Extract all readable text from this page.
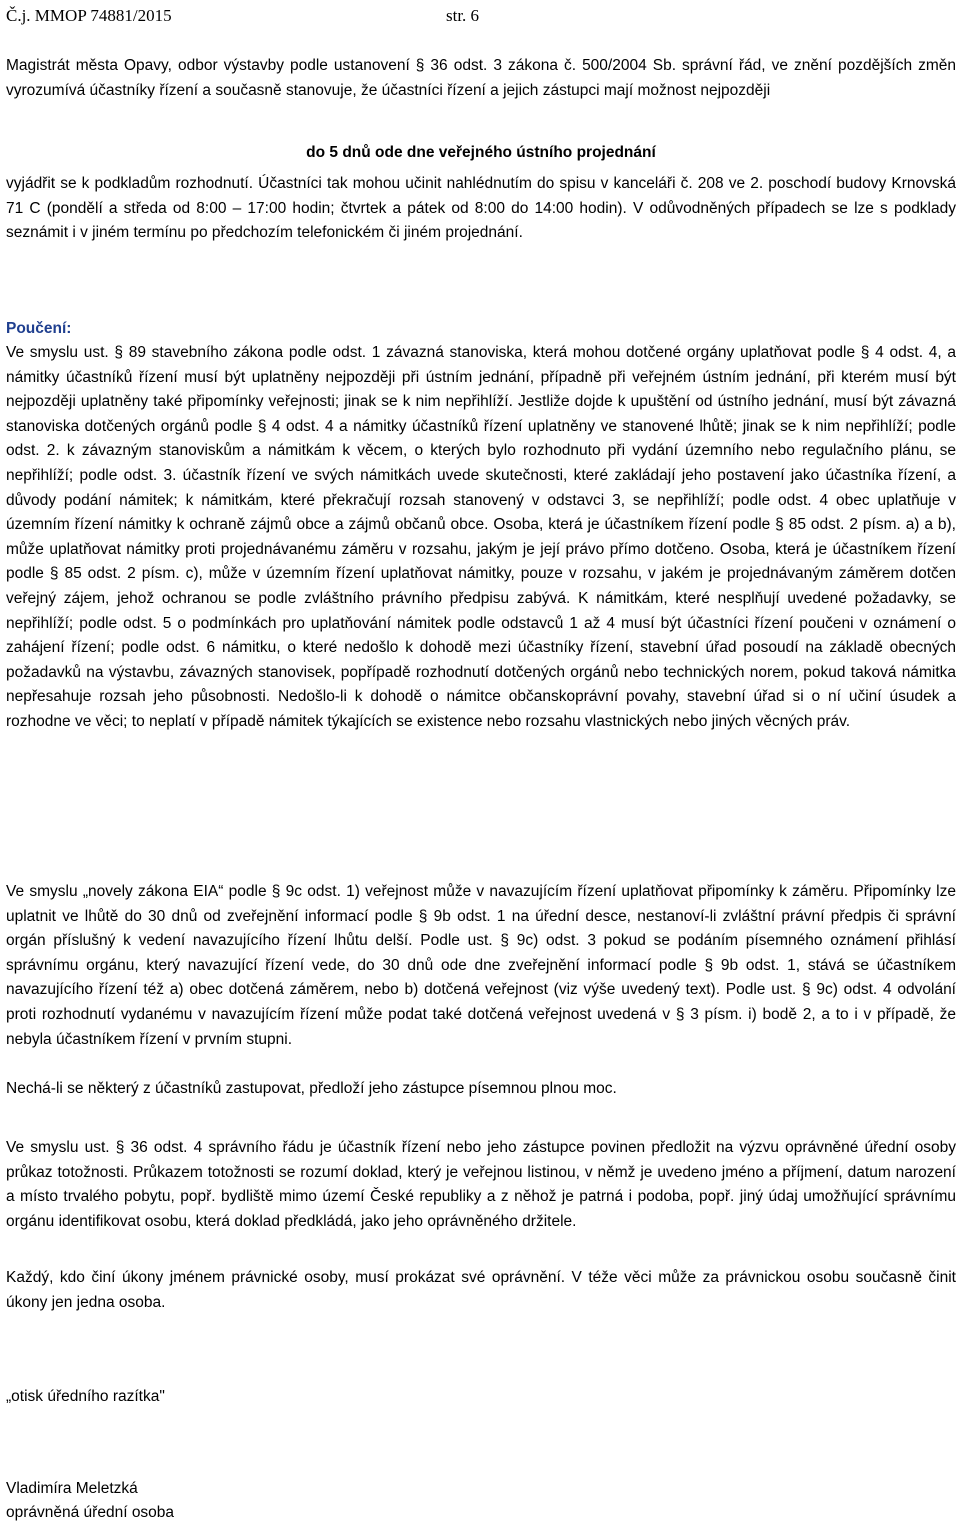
Č.j. MMOP 74881/2015	str. 6

Magistrát města Opavy, odbor výstavby podle ustanovení § 36 odst. 3 zákona č. 500/2004 Sb. správní řád, ve znění pozdějších změn vyrozumívá účastníky řízení a současně stanovuje, že účastníci řízení a jejich zástupci mají možnost nejpozději

do 5 dnů ode dne veřejného ústního projednání

vyjádřit se k podkladům rozhodnutí. Účastníci tak mohou učinit nahlédnutím do spisu v kanceláři č. 208 ve 2. poschodí budovy Krnovská 71 C (pondělí a středa od 8:00 – 17:00 hodin; čtvrtek a pátek od 8:00 do 14:00 hodin). V odůvodněných případech se lze s podklady seznámit i v jiném termínu po předchozím telefonickém či jiném projednání.

Poučení:

Ve smyslu ust. § 89 stavebního zákona podle odst. 1 závazná stanoviska, která mohou dotčené orgány uplatňovat podle § 4 odst. 4, a námitky účastníků řízení musí být uplatněny nejpozději při ústním jednání, případně při veřejném ústním jednání, při kterém musí být nejpozději uplatněny také připomínky veřejnosti; jinak se k nim nepřihlíží. Jestliže dojde k upuštění od ústního jednání, musí být závazná stanoviska dotčených orgánů podle § 4 odst. 4 a námitky účastníků řízení uplatněny ve stanovené lhůtě; jinak se k nim nepřihlíží; podle odst. 2. k závazným stanoviskům a námitkám k věcem, o kterých bylo rozhodnuto při vydání územního nebo regulačního plánu, se nepřihlíží; podle odst. 3. účastník řízení ve svých námitkách uvede skutečnosti, které zakládají jeho postavení jako účastníka řízení, a důvody podání námitek; k námitkám, které překračují rozsah stanovený v odstavci 3, se nepřihlíží; podle odst. 4 obec uplatňuje v územním řízení námitky k ochraně zájmů obce a zájmů občanů obce. Osoba, která je účastníkem řízení podle § 85 odst. 2 písm. a) a b), může uplatňovat námitky proti projednávanému záměru v rozsahu, jakým je její právo přímo dotčeno. Osoba, která je účastníkem řízení podle § 85 odst. 2 písm. c), může v územním řízení uplatňovat námitky, pouze v rozsahu, v jakém je projednávaným záměrem dotčen veřejný zájem, jehož ochranou se podle zvláštního právního předpisu zabývá. K námitkám, které nesplňují uvedené požadavky, se nepřihlíží; podle odst. 5 o podmínkách pro uplatňování námitek podle odstavců 1 až 4 musí být účastníci řízení poučeni v oznámení o zahájení řízení; podle odst. 6 námitku, o které nedošlo k dohodě mezi účastníky řízení, stavební úřad posoudí na základě obecných požadavků na výstavbu, závazných stanovisek, popřípadě rozhodnutí dotčených orgánů nebo technických norem, pokud taková námitka nepřesahuje rozsah jeho působnosti. Nedošlo-li k dohodě o námitce občanskoprávní povahy, stavební úřad si o ní učiní úsudek a rozhodne ve věci; to neplatí v případě námitek týkajících se existence nebo rozsahu vlastnických nebo jiných věcných práv.

Ve smyslu „novely zákona EIA“ podle § 9c odst. 1) veřejnost může v navazujícím řízení uplatňovat připomínky k záměru. Připomínky lze uplatnit ve lhůtě do 30 dnů od zveřejnění informací podle § 9b odst. 1 na úřední desce, nestanoví-li zvláštní právní předpis či správní orgán příslušný k vedení navazujícího řízení lhůtu delší. Podle ust. § 9c) odst. 3 pokud se podáním písemného oznámení přihlásí správnímu orgánu, který navazující řízení vede, do 30 dnů ode dne zveřejnění informací podle § 9b odst. 1, stává se účastníkem navazujícího řízení též a) obec dotčená záměrem, nebo b) dotčená veřejnost (viz výše uvedený text). Podle ust. § 9c) odst. 4 odvolání proti rozhodnutí vydanému v navazujícím řízení může podat také dotčená veřejnost uvedená v § 3 písm. i) bodě 2, a to i v případě, že nebyla účastníkem řízení v prvním stupni.

Nechá-li se některý z účastníků zastupovat, předloží jeho zástupce písemnou plnou moc.

Ve smyslu ust. § 36 odst. 4 správního řádu je účastník řízení nebo jeho zástupce povinen předložit na výzvu oprávněné úřední osoby průkaz totožnosti. Průkazem totožnosti se rozumí doklad, který je veřejnou listinou, v němž je uvedeno jméno a příjmení, datum narození a místo trvalého pobytu, popř. bydliště mimo území České republiky a z něhož je patrná i podoba, popř. jiný údaj umožňující správnímu orgánu identifikovat osobu, která doklad předkládá, jako jeho oprávněného držitele.

Každý, kdo činí úkony jménem právnické osoby, musí prokázat své oprávnění. V téže věci může za právnickou osobu současně činit úkony jen jedna osoba.

„otisk úředního razítka"

Vladimíra Meletzká

oprávněná úřední osoba
